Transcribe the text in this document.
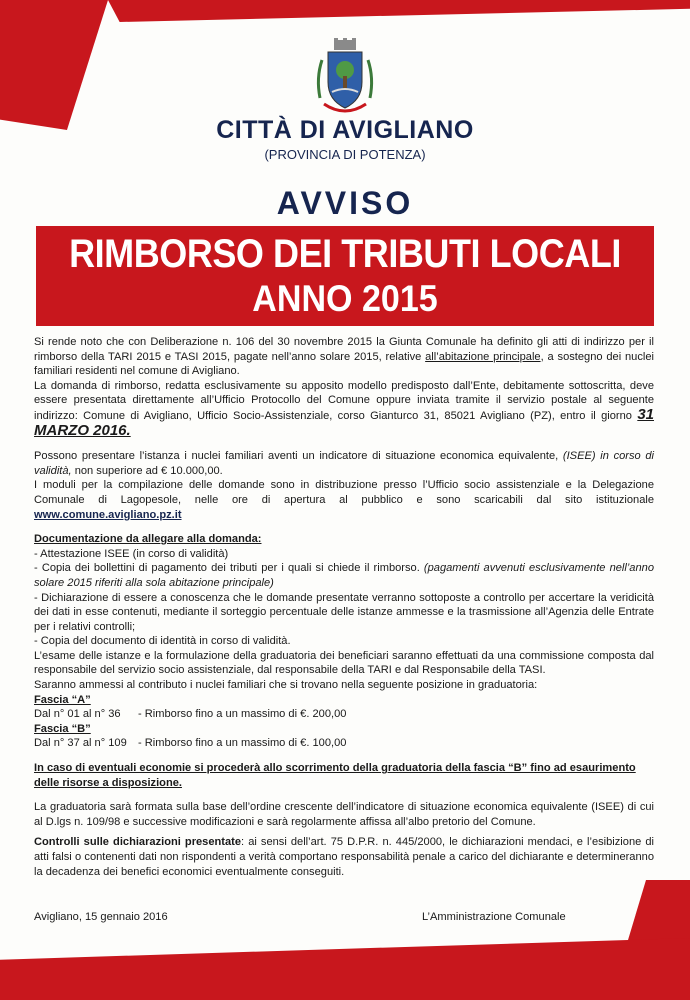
CITTÀ DI AVIGLIANO

(PROVINCIA DI POTENZA)

AVVISO
RIMBORSO DEI TRIBUTI LOCALI
ANNO 2015

Si rende noto che con Deliberazione n. 106 del 30 novembre 2015 la Giunta Comunale ha definito gli atti di indirizzo per il rimborso della TARI 2015 e TASI 2015, pagate nell’anno solare 2015, relative all’abitazione principale, a sostegno dei nuclei familiari residenti nel comune di Avigliano.

La domanda di rimborso, redatta esclusivamente su apposito modello predisposto dall’Ente, debitamente sottoscritta, deve essere presentata direttamente all’Ufficio Protocollo del Comune oppure inviata tramite il servizio postale al seguente indirizzo: Comune di Avigliano, Ufficio Socio-Assistenziale, corso Gianturco 31, 85021 Avigliano (PZ), entro il giorno 31 MARZO 2016.

Possono presentare l’istanza i nuclei familiari aventi un indicatore di situazione economica equivalente, (ISEE) in corso di validità, non superiore ad € 10.000,00.

I moduli per la compilazione delle domande sono in distribuzione presso l’Ufficio socio assistenziale e la Delegazione Comunale di Lagopesole, nelle ore di apertura al pubblico e sono scaricabili dal sito istituzionale www.comune.avigliano.pz.it

Documentazione da allegare alla domanda:

- Attestazione ISEE (in corso di validità)

- Copia dei bollettini di pagamento dei tributi per i quali si chiede il rimborso. (pagamenti avvenuti esclusivamente nell’anno solare 2015 riferiti alla sola abitazione principale)

- Dichiarazione di essere a conoscenza che le domande presentate verranno sottoposte a controllo per accertare la veridicità dei dati in esse contenuti, mediante il sorteggio percentuale delle istanze ammesse e la trasmissione all’Agenzia delle Entrate per i relativi controlli;

- Copia del documento di identità in corso di validità.

L’esame delle istanze e la formulazione della graduatoria dei beneficiari saranno effettuati da una commissione composta dal responsabile del servizio socio assistenziale, dal responsabile della TARI e dal Responsabile della TASI.

Saranno ammessi al contributo i nuclei familiari che si trovano nella seguente posizione in graduatoria:

Fascia “A”

Dal n° 01 al n° 36	- Rimborso fino a un massimo di €. 200,00

Fascia “B”

Dal n° 37 al n° 109	- Rimborso fino a un massimo di €. 100,00

In caso di eventuali economie si procederà allo scorrimento della graduatoria della fascia “B” fino ad esaurimento delle risorse a disposizione.

La graduatoria sarà formata sulla base dell’ordine crescente dell’indicatore di situazione economica equivalente (ISEE) di cui al D.lgs n. 109/98 e successive modificazioni e sarà regolarmente affissa all’albo pretorio del Comune.

Controlli sulle dichiarazioni presentate: ai sensi dell’art. 75 D.P.R. n. 445/2000, le dichiarazioni mendaci, e l’esibizione di atti falsi o contenenti dati non rispondenti a verità comportano responsabilità penale a carico del dichiarante e determineranno la decadenza dei benefici economici eventualmente conseguiti.

Avigliano, 15 gennaio 2016	L’Amministrazione Comunale
